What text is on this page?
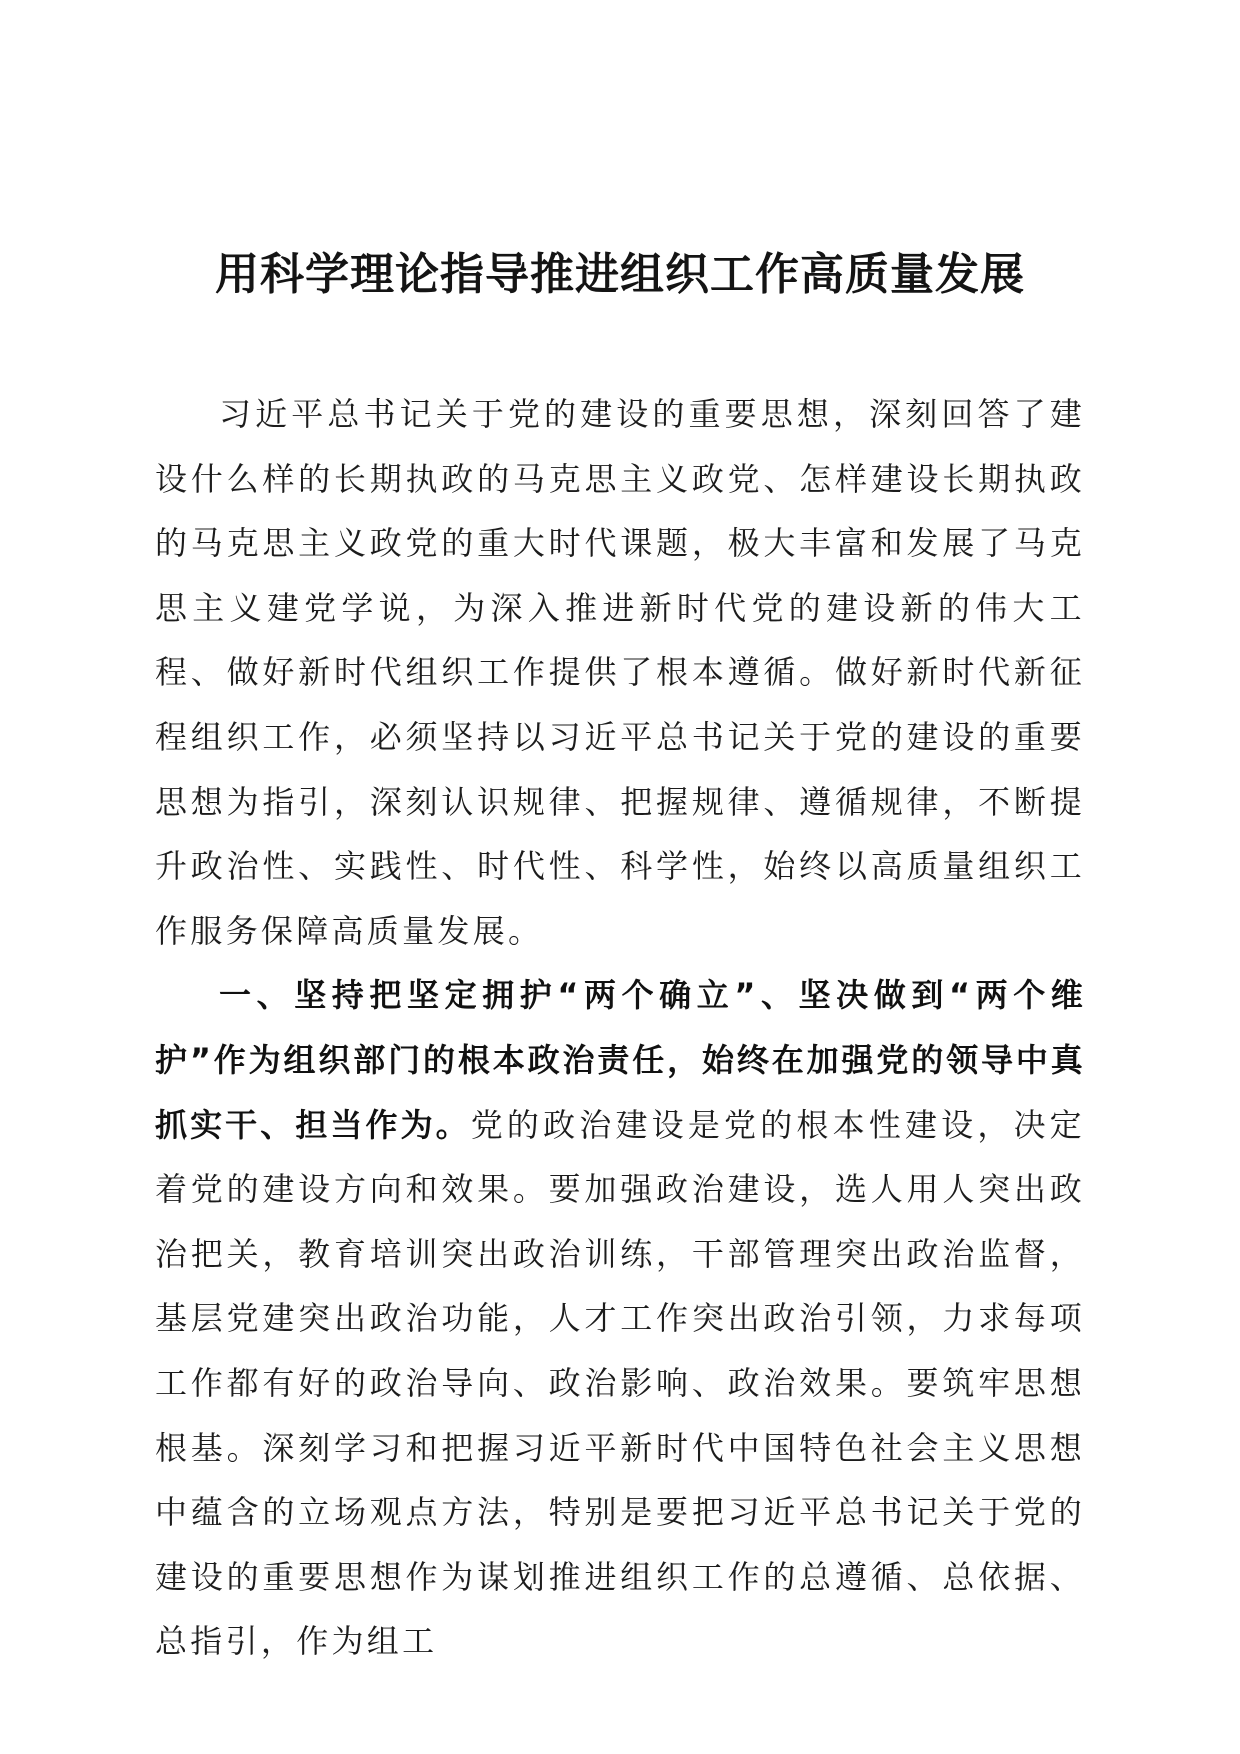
用科学理论指导推进组织工作高质量发展

习近平总书记关于党的建设的重要思想，深刻回答了建设什么样的长期执政的马克思主义政党、怎样建设长期执政的马克思主义政党的重大时代课题，极大丰富和发展了马克思主义建党学说，为深入推进新时代党的建设新的伟大工程、做好新时代组织工作提供了根本遵循。做好新时代新征程组织工作，必须坚持以习近平总书记关于党的建设的重要思想为指引，深刻认识规律、把握规律、遵循规律，不断提升政治性、实践性、时代性、科学性，始终以高质量组织工作服务保障高质量发展。

一、坚持把坚定拥护“两个确立”、坚决做到“两个维护”作为组织部门的根本政治责任，始终在加强党的领导中真抓实干、担当作为。党的政治建设是党的根本性建设，决定着党的建设方向和效果。要加强政治建设，选人用人突出政治把关，教育培训突出政治训练，干部管理突出政治监督，基层党建突出政治功能，人才工作突出政治引领，力求每项工作都有好的政治导向、政治影响、政治效果。要筑牢思想根基。深刻学习和把握习近平新时代中国特色社会主义思想中蕴含的立场观点方法，特别是要把习近平总书记关于党的建设的重要思想作为谋划推进组织工作的总遵循、总依据、总指引，作为组工
